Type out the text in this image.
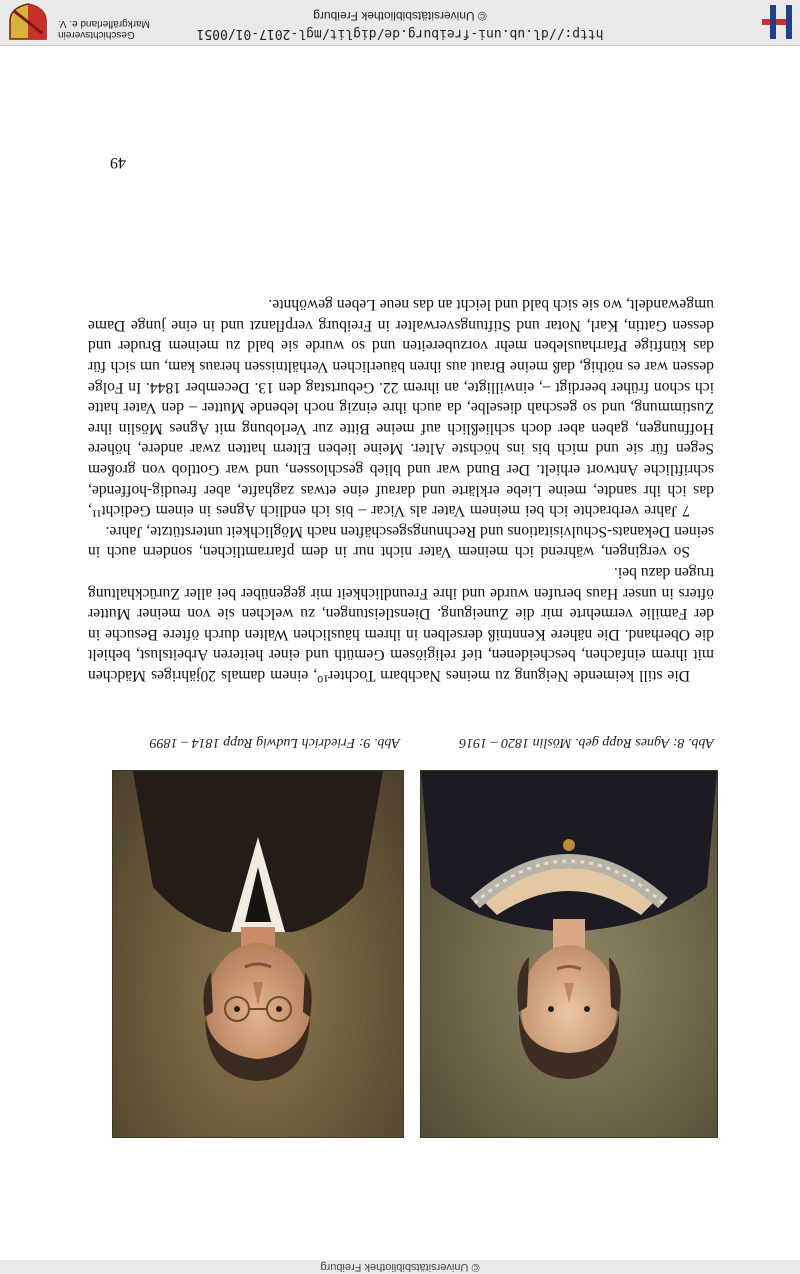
© Universitätsbibliothek Freiburg
Abb. 9: Friedrich Ludwig Rapp 1814 – 1899	Abb. 8: Agnes Rapp geb. Möslin 1820 – 1916

Die still keimende Neigung zu meines Nachbarn Tochter¹⁰, einem damals 20jähriges Mädchen mit ihrem einfachen, bescheidenen, tief religiösem Gemüth und einer heiteren Arbeitslust, behielt die Oberhand. Die nähere Kenntniß derselben in ihrem häuslichen Walten durch öftere Besuche in der Familie vermehrte mir die Zuneigung. Dienstleistungen, zu welchen sie von meiner Mutter öfters in unser Haus berufen wurde und ihre Freundlichkeit mir gegenüber bei aller Zurückhaltung trugen dazu bei.

So vergingen, während ich meinem Vater nicht nur in dem pfarramtlichen, sondern auch in seinen Dekanats-Schulvisitations und Rechnungsgeschäften nach Möglichkeit unterstützte, Jahre.

7 Jahre verbrachte ich bei meinem Vater als Vicar – bis ich endlich Agnes in einem Gedicht¹¹, das ich ihr sandte, meine Liebe erklärte und darauf eine etwas zaghafte, aber freudig-hoffende, schriftliche Antwort erhielt. Der Bund war und blieb geschlossen, und war Gottlob von großem Segen für sie und mich bis ins höchste Alter. Meine lieben Eltern hatten zwar andere, höhere Hoffnungen, gaben aber doch schließlich auf meine Bitte zur Verlobung mit Agnes Möslin ihre Zustimmung, und so geschah dieselbe, da auch ihre einzig noch lebende Mutter – den Vater hatte ich schon früher beerdigt –, einwilligte, an ihrem 22. Geburtstag den 13. December 1844. In Folge dessen war es nöthig, daß meine Braut aus ihren bäuerlichen Verhältnissen heraus kam, um sich für das künftige Pfarrhausleben mehr vorzubereiten und so wurde sie bald zu meinem Bruder und dessen Gattin, Karl, Notar und Stiftungsverwalter in Freiburg verpflanzt und in eine junge Dame umgewandelt, wo sie sich bald und leicht an das neue Leben gewöhnte.

49
http://dl.ub.uni-freiburg.de/diglit/mgl-2017-01/0051
© Universitätsbibliothek Freiburg
Geschichtsverein
Markgräflerland e. V.
